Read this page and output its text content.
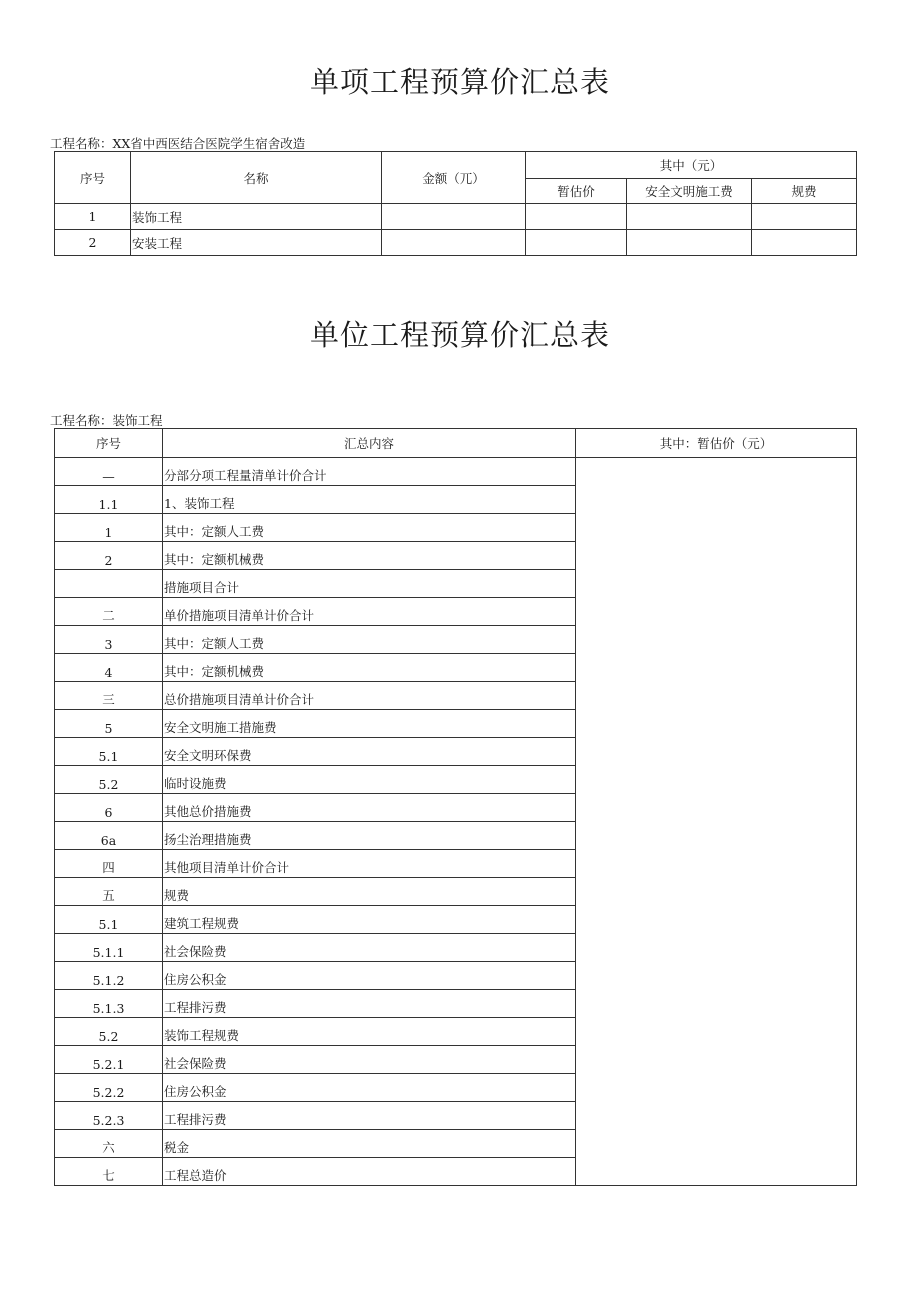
单项工程预算价汇总表
工程名称：XX省中西医结合医院学生宿舍改造
序号	名称	金额（兀）	其中（元）		
			暂估价	安全文明施工费	规费
1	装饰工程				
2	安装工程				
单位工程预算价汇总表
工程名称：装饰工程
序号	汇总内容	其中：暂估价（元）
—	分部分项工程量清单计价合计	
1.1	1、装饰工程	
1	其中：定额人工费	
2	其中：定额机械费	
	措施项目合计	
二	单价措施项目清单计价合计	
3	其中：定额人工费	
4	其中：定额机械费	
三	总价措施项目清单计价合计	
5	安全文明施工措施费	
5.1	安全文明环保费	
5.2	临时设施费	
6	其他总价措施费	
6a	扬尘治理措施费	
四	其他项目清单计价合计	
五	规费	
5.1	建筑工程规费	
5.1.1	社会保险费	
5.1.2	住房公积金	
5.1.3	工程排污费	
5.2	装饰工程规费	
5.2.1	社会保险费	
5.2.2	住房公积金	
5.2.3	工程排污费	
六	税金	
七	工程总造价	
